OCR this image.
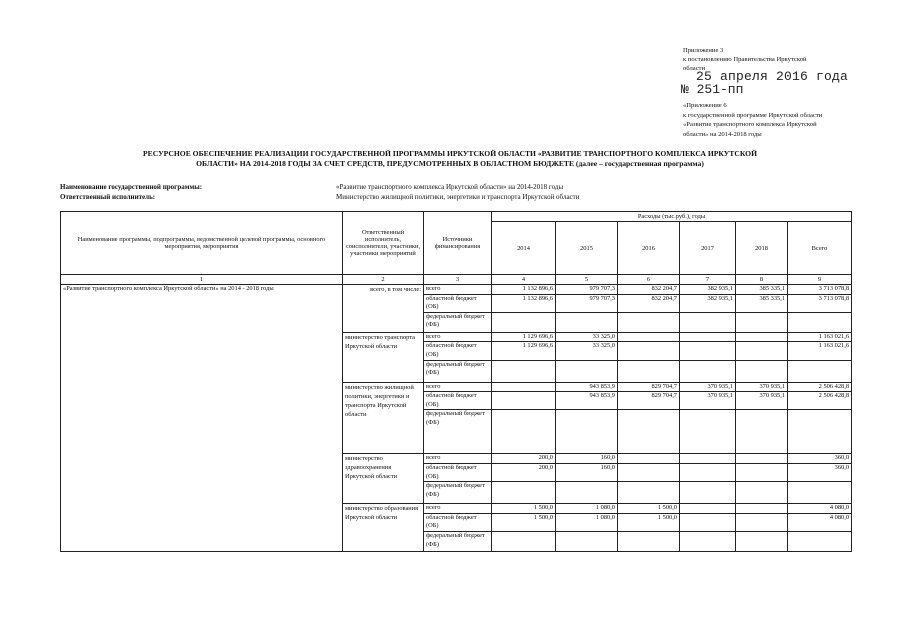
Приложение 3
к постановлению Правительства Иркутской
области
25 апреля 2016 года
№ 251-пп
«Приложение 6
к государственной программе Иркутской области
«Развитие транспортного комплекса Иркутской
области» на 2014-2018 годы
РЕСУРСНОЕ ОБЕСПЕЧЕНИЕ РЕАЛИЗАЦИИ ГОСУДАРСТВЕННОЙ ПРОГРАММЫ ИРКУТСКОЙ ОБЛАСТИ «РАЗВИТИЕ ТРАНСПОРТНОГО КОМПЛЕКСА ИРКУТСКОЙ
ОБЛАСТИ» НА 2014-2018 ГОДЫ ЗА СЧЕТ СРЕДСТВ, ПРЕДУСМОТРЕННЫХ В ОБЛАСТНОМ БЮДЖЕТЕ (далее – государственная программа)
Наименование государственной программы:	«Развитие транспортного комплекса Иркутской области» на 2014-2018 годы
Ответственный исполнитель:	Министерство жилищной политики, энергетики и транспорта Иркутской области
Наименование программы, подпрограммы, ведомственной целевой программы, основного мероприятия, мероприятия	Ответственный исполнитель, соисполнители, участники, участники мероприятий	Источники финансирования	Расходы (тыс.руб.), годы					
			2014	2015	2016	2017	2018	Всего
1	2	3	4	5	6	7	8	9
«Развитие транспортного комплекса Иркутской области» на 2014 - 2018 годы	всего, в том числе:	всего	1 132 896,6	979 707,3	832 204,7	382 935,1	385 335,1	3 713 078,8
		областной бюджет (ОБ)	1 132 896,6	979 707,3	832 204,7	382 935,1	385 335,1	3 713 078,8
		федеральный бюджет (ФБ)						
	министерство транспорта Иркутской области	всего	1 129 696,6	33 325,0				1 163 021,6
		областной бюджет (ОБ)	1 129 696,6	33 325,0				1 163 021,6
		федеральный бюджет (ФБ)						
	министерство жилищной политики, энергетики и транспорта Иркутской области	всего		943 853,9	829 704,7	370 935,1	370 935,1	2 506 428,8
		областной бюджет (ОБ)		943 853,9	829 704,7	370 935,1	370 935,1	2 506 428,8
		федеральный бюджет (ФБ)						
	министерство здравоохранения Иркутской области	всего	200,0	160,0				360,0
		областной бюджет (ОБ)	200,0	160,0				360,0
		федеральный бюджет (ФБ)						
	министерство образования Иркутской области	всего	1 500,0	1 080,0	1 500,0			4 080,0
		областной бюджет (ОБ)	1 500,0	1 080,0	1 500,0			4 080,0
		федеральный бюджет (ФБ)						
